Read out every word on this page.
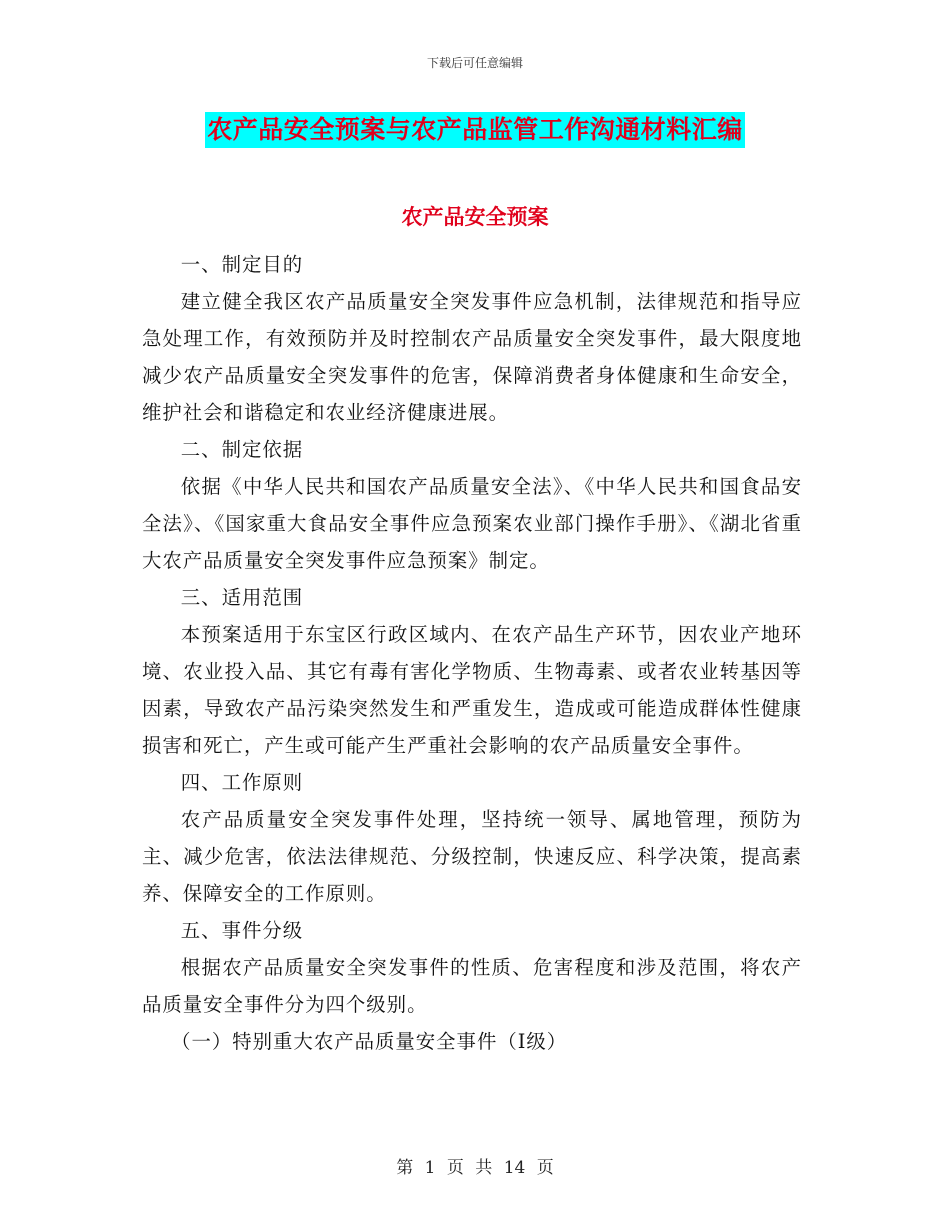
下载后可任意编辑
农产品安全预案与农产品监管工作沟通材料汇编
农产品安全预案

一、制定目的

建立健全我区农产品质量安全突发事件应急机制，法律规范和指导应急处理工作，有效预防并及时控制农产品质量安全突发事件，最大限度地减少农产品质量安全突发事件的危害，保障消费者身体健康和生命安全，维护社会和谐稳定和农业经济健康进展。

二、制定依据

依据《中华人民共和国农产品质量安全法》、《中华人民共和国食品安全法》、《国家重大食品安全事件应急预案农业部门操作手册》、《湖北省重大农产品质量安全突发事件应急预案》制定。

三、适用范围

本预案适用于东宝区行政区域内、在农产品生产环节，因农业产地环境、农业投入品、其它有毒有害化学物质、生物毒素、或者农业转基因等因素，导致农产品污染突然发生和严重发生，造成或可能造成群体性健康损害和死亡，产生或可能产生严重社会影响的农产品质量安全事件。

四、工作原则

农产品质量安全突发事件处理，坚持统一领导、属地管理，预防为主、减少危害，依法法律规范、分级控制，快速反应、科学决策，提高素养、保障安全的工作原则。

五、事件分级

根据农产品质量安全突发事件的性质、危害程度和涉及范围，将农产品质量安全事件分为四个级别。

（一）特别重大农产品质量安全事件（Ⅰ级）

第 1 页 共 14 页
